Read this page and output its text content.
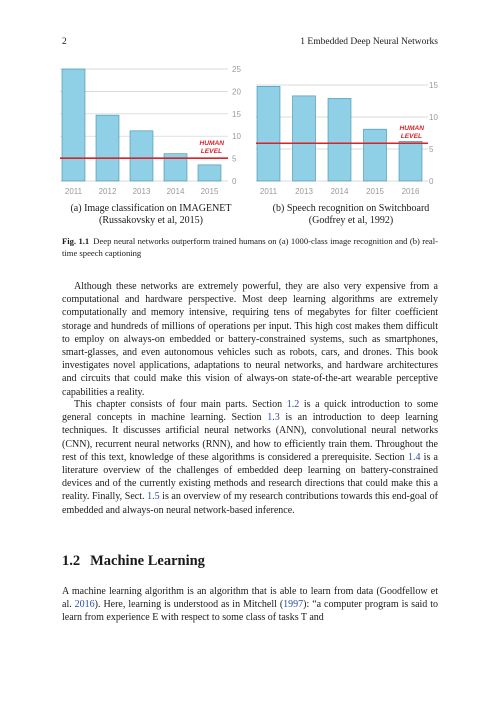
2	1 Embedded Deep Neural Networks
0
5
10
15
20
25
2011 2012 2013 2014 2015
HUMAN
LEVEL
0
5
10
15
2011 2013 2014 2015 2016
HUMAN
LEVEL
(a) Image classification on IMAGENET
(Russakovsky et al, 2015)
(b) Speech recognition on Switchboard
(Godfrey et al, 1992)
Fig. 1.1 Deep neural networks outperform trained humans on (a) 1000-class image recognition and (b) real-time speech captioning

Although these networks are extremely powerful, they are also very expensive from a computational and hardware perspective. Most deep learning algorithms are extremely computationally and memory intensive, requiring tens of megabytes for filter coefficient storage and hundreds of millions of operations per input. This high cost makes them difficult to employ on always-on embedded or battery-constrained systems, such as smartphones, smart-glasses, and even autonomous vehicles such as robots, cars, and drones. This book investigates novel applications, adaptations to neural networks, and hardware architectures and circuits that could make this vision of always-on state-of-the-art wearable perceptive capabilities a reality.

This chapter consists of four main parts. Section 1.2 is a quick introduction to some general concepts in machine learning. Section 1.3 is an introduction to deep learning techniques. It discusses artificial neural networks (ANN), convolutional neural networks (CNN), recurrent neural networks (RNN), and how to efficiently train them. Throughout the rest of this text, knowledge of these algorithms is considered a prerequisite. Section 1.4 is a literature overview of the challenges of embedded deep learning on battery-constrained devices and of the currently existing methods and research directions that could make this a reality. Finally, Sect. 1.5 is an overview of my research contributions towards this end-goal of embedded and always-on neural network-based inference.

1.2 Machine Learning

A machine learning algorithm is an algorithm that is able to learn from data (Goodfellow et al. 2016). Here, learning is understood as in Mitchell (1997): “a computer program is said to learn from experience E with respect to some class of tasks T and
